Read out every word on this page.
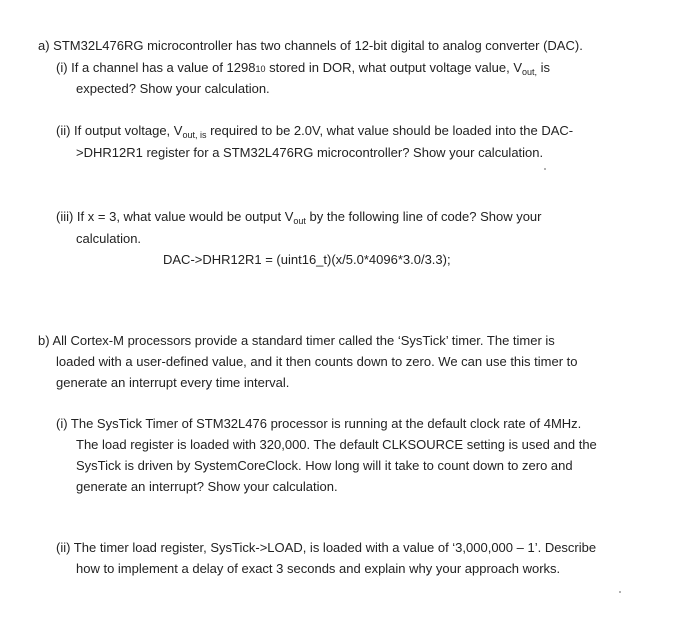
a) STM32L476RG microcontroller has two channels of 12-bit digital to analog converter (DAC).
(i) If a channel has a value of 129810 stored in DOR, what output voltage value, $V_{out,}$ is
expected? Show your calculation.
(ii) If output voltage, $V_{out, is}$ required to be 2.0V, what value should be loaded into the DAC-
>DHR12R1 register for a STM32L476RG microcontroller? Show your calculation.
(iii) If x = 3, what value would be output $V_{out}$ by the following line of code? Show your
calculation.
DAC->DHR12R1 = (uint16_t)(x/5.0*4096*3.0/3.3);
b) All Cortex-M processors provide a standard timer called the ‘SysTick’ timer. The timer is
loaded with a user-defined value, and it then counts down to zero. We can use this timer to
generate an interrupt every time interval.
(i) The SysTick Timer of STM32L476 processor is running at the default clock rate of 4MHz.
The load register is loaded with 320,000. The default CLKSOURCE setting is used and the
SysTick is driven by SystemCoreClock. How long will it take to count down to zero and
generate an interrupt? Show your calculation.
(ii) The timer load register, SysTick->LOAD, is loaded with a value of ‘3,000,000 – 1’. Describe
how to implement a delay of exact 3 seconds and explain why your approach works.
